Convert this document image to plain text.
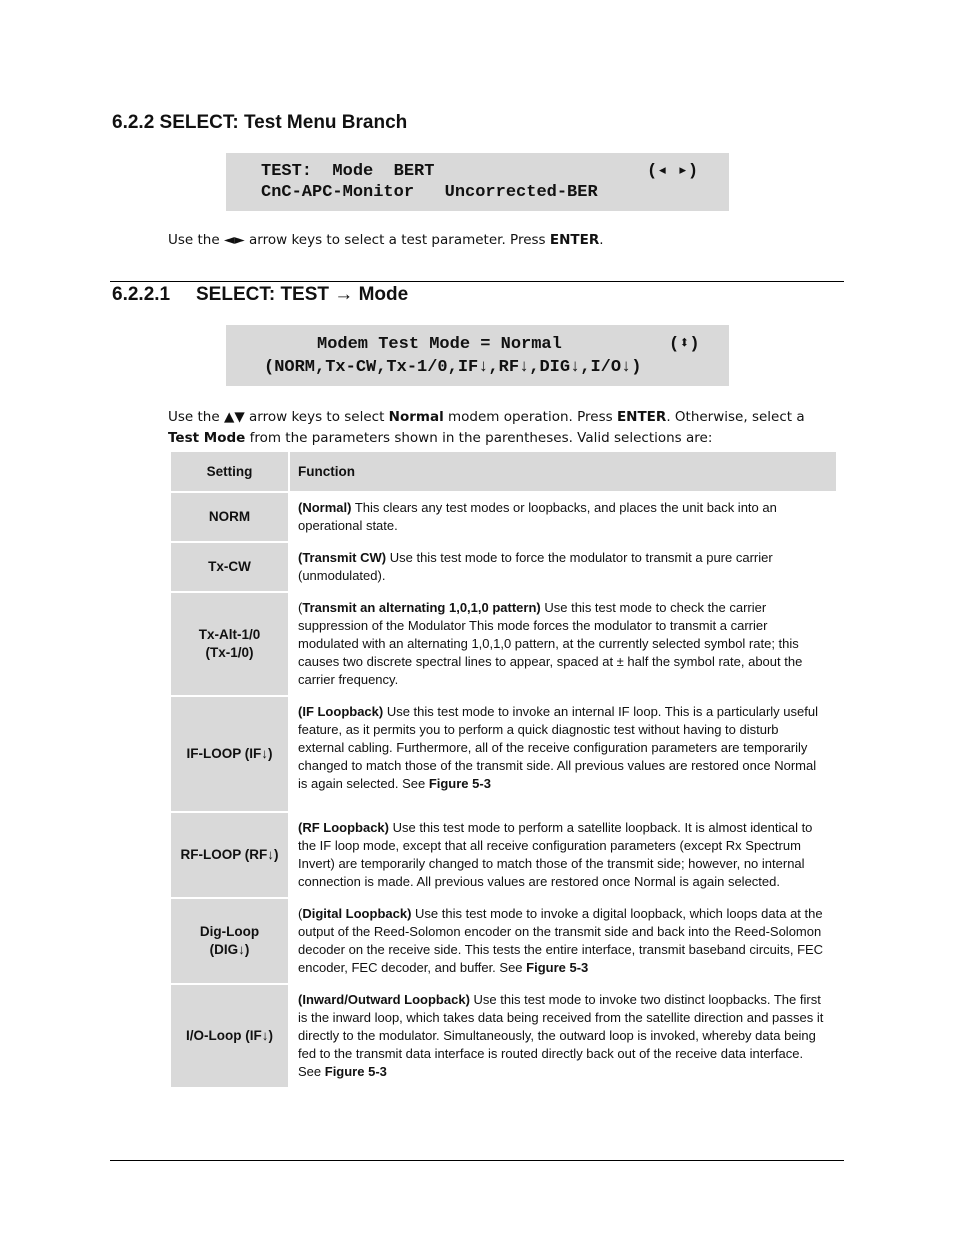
6.2.2 SELECT: Test Menu Branch

TEST:  Mode  BERT

	(◂ ▸)

CnC-APC-Monitor   Uncorrected-BER

Use the ◄► arrow keys to select a test parameter. Press ENTER.
6.2.2.1 SELECT: TEST → Mode

Modem Test Mode = Normal

	(⬍)

(NORM,Tx-CW,Tx-1/0,IF↓,RF↓,DIG↓,I/O↓)

Use the ▲▼ arrow keys to select Normal modem operation. Press ENTER. Otherwise, select a
Test Mode from the parameters shown in the parentheses. Valid selections are:
Setting	Function
NORM	(Normal) This clears any test modes or loopbacks, and places the unit back into an operational state.
Tx-CW	(Transmit CW) Use this test mode to force the modulator to transmit a pure carrier (unmodulated).
Tx-Alt-1/0
(Tx-1/0)	(Transmit an alternating 1,0,1,0 pattern) Use this test mode to check the carrier suppression of the Modulator This mode forces the modulator to transmit a carrier modulated with an alternating 1,0,1,0 pattern, at the currently selected symbol rate; this causes two discrete spectral lines to appear, spaced at ± half the symbol rate, about the carrier frequency.
IF-LOOP (IF↓)	(IF Loopback) Use this test mode to invoke an internal IF loop. This is a particularly useful feature, as it permits you to perform a quick diagnostic test without having to disturb external cabling. Furthermore, all of the receive configuration parameters are temporarily changed to match those of the transmit side. All previous values are restored once Normal is again selected. See Figure 5-3
RF-LOOP (RF↓)	(RF Loopback) Use this test mode to perform a satellite loopback. It is almost identical to the IF loop mode, except that all receive configuration parameters (except Rx Spectrum Invert) are temporarily changed to match those of the transmit side; however, no internal connection is made. All previous values are restored once Normal is again selected.
Dig-Loop
(DIG↓)	(Digital Loopback) Use this test mode to invoke a digital loopback, which loops data at the output of the Reed-Solomon encoder on the transmit side and back into the Reed-Solomon decoder on the receive side. This tests the entire interface, transmit baseband circuits, FEC encoder, FEC decoder, and buffer. See Figure 5-3
I/O-Loop (IF↓)	(Inward/Outward Loopback) Use this test mode to invoke two distinct loopbacks. The first is the inward loop, which takes data being received from the satellite direction and passes it directly to the modulator. Simultaneously, the outward loop is invoked, whereby data being fed to the transmit data interface is routed directly back out of the receive data interface. See Figure 5-3
